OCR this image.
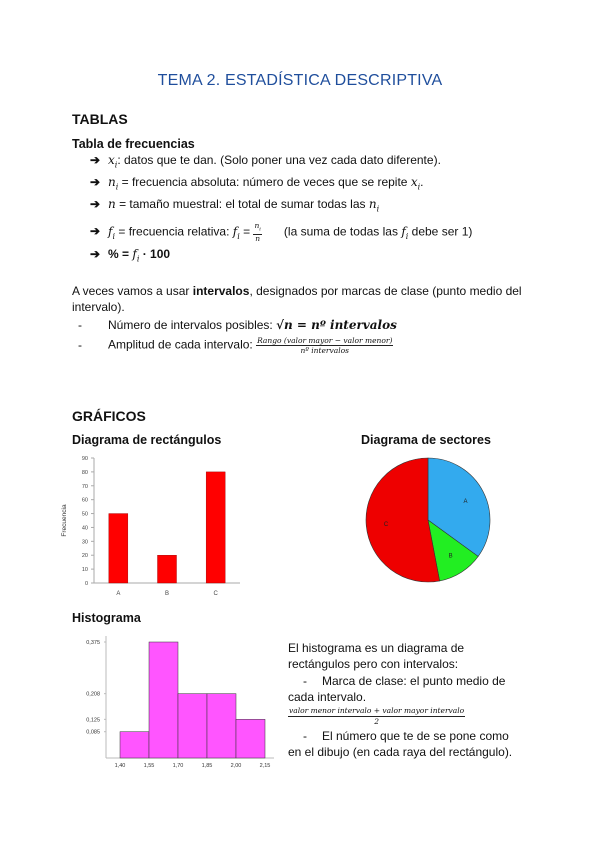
TEMA 2. ESTADÍSTICA DESCRIPTIVA
TABLAS
Tabla de frecuencias
➔ $x_i$: datos que te dan. (Solo poner una vez cada dato diferente).
➔ $n_i$ = frecuencia absoluta: número de veces que se repite $x_i$.
➔ n = tamaño muestral: el total de sumar todas las $n_i$
➔ $f_i$ = frecuencia relativa: $f_i = \frac{n_i}{n} (la$ suma de todas las $f_i$ debe ser 1)
➔ % = $f_i \cdot 100$
A veces vamos a usar intervalos, designados por marcas de clase (punto medio del
intervalo).
- Número de intervalos posibles: √n = nº intervalos
- Amplitud de cada intervalo: $\frac{\text{Rango (valor mayor − valor menor)}}{\text{nº intervalos}}$
GRÁFICOS
Diagrama de rectángulos	Diagrama de sectores
0
10
20
30
40
50
60
70
80
90
Frecuencia
A	B	C
A
B
C
Histograma
1,40	1,55	1,70	1,85	2,00	2,15
0,375
0,208
0,125
0,085
El histograma es un diagrama de
rectángulos pero con intervalos:
- Marca de clase: el punto medio de
cada intervalo.
$\frac{\text{valor menor intervalo + valor mayor intervalo}}{2}$
- El número que te de se pone como
en el dibujo (en cada raya del rectángulo).
